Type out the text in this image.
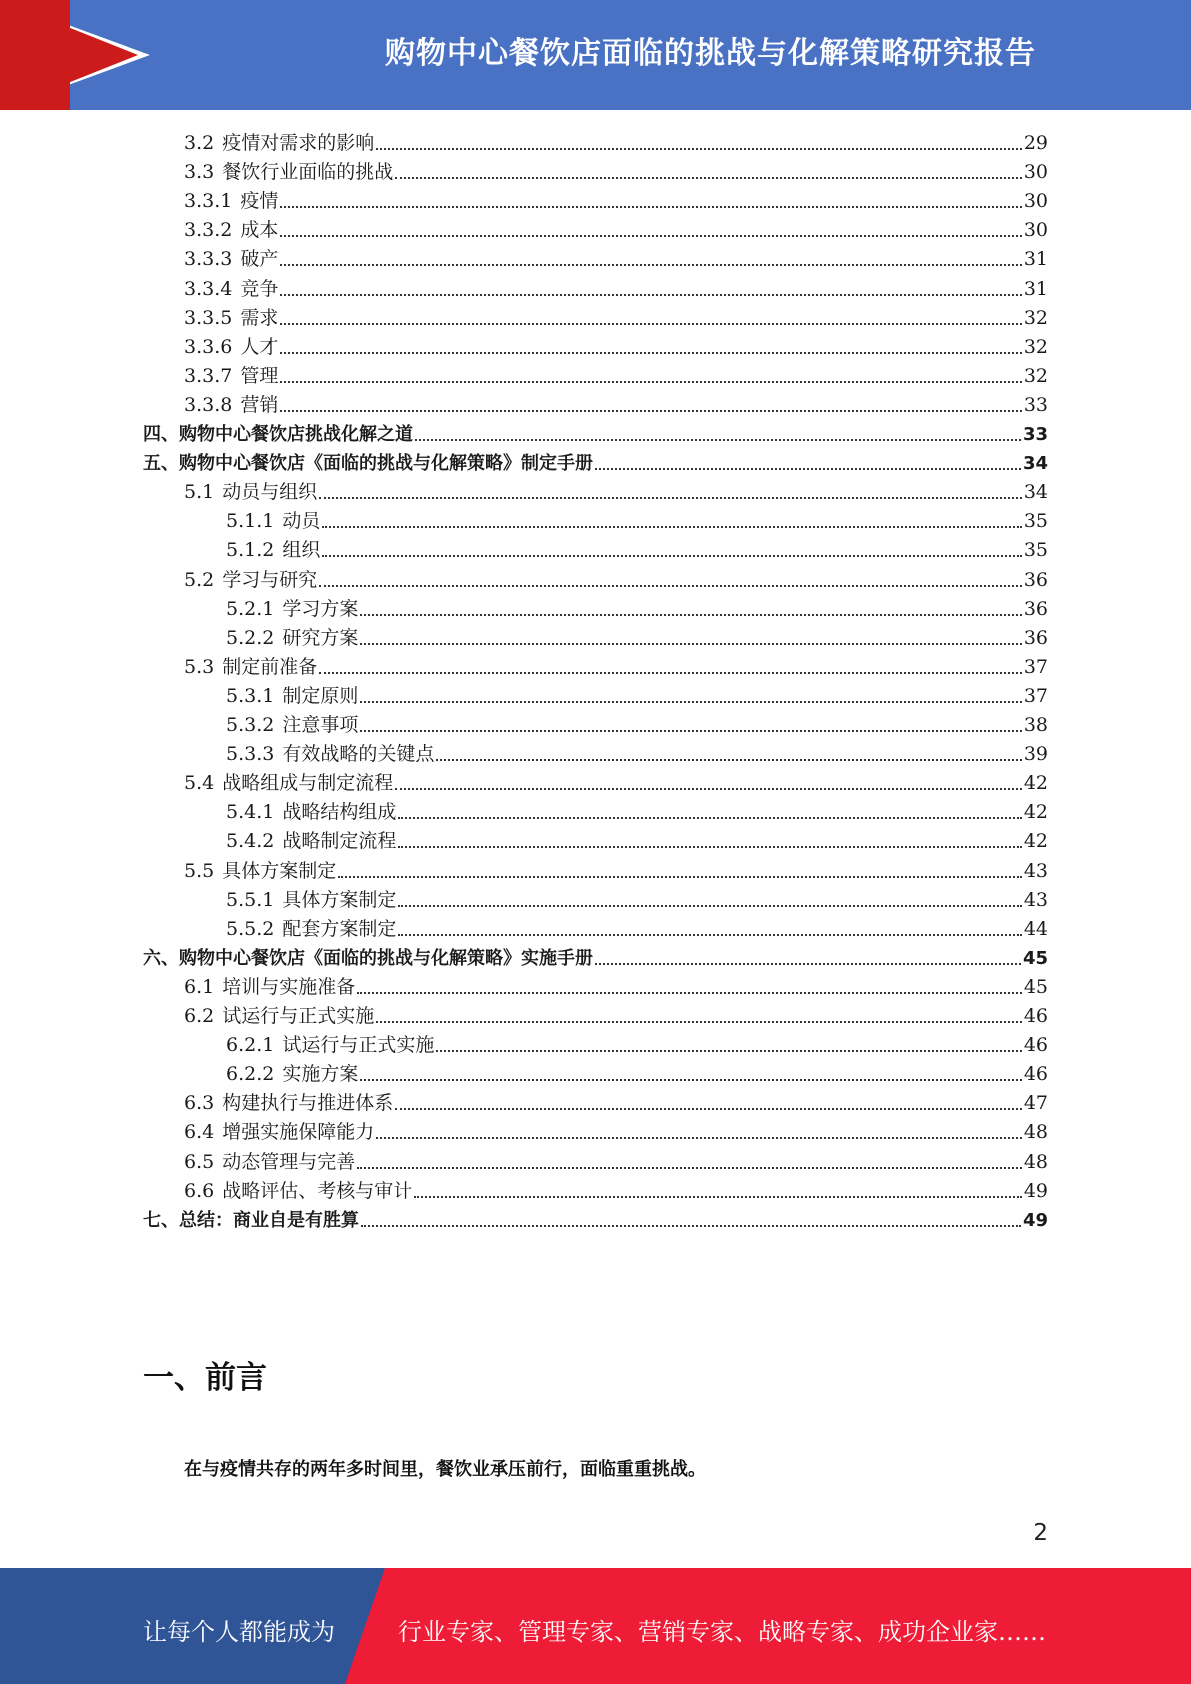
购物中心餐饮店面临的挑战与化解策略研究报告
3.2 疫情对需求的影响	29
3.3 餐饮行业面临的挑战	30
3.3.1 疫情	30
3.3.2 成本	30
3.3.3 破产	31
3.3.4 竞争	31
3.3.5 需求	32
3.3.6 人才	32
3.3.7 管理	32
3.3.8 营销	33
四、购物中心餐饮店挑战化解之道	33
五、购物中心餐饮店《面临的挑战与化解策略》制定手册	34
5.1 动员与组织	34
5.1.1 动员	35
5.1.2 组织	35
5.2 学习与研究	36
5.2.1 学习方案	36
5.2.2 研究方案	36
5.3 制定前准备	37
5.3.1 制定原则	37
5.3.2 注意事项	38
5.3.3 有效战略的关键点	39
5.4 战略组成与制定流程	42
5.4.1 战略结构组成	42
5.4.2 战略制定流程	42
5.5 具体方案制定	43
5.5.1 具体方案制定	43
5.5.2 配套方案制定	44
六、购物中心餐饮店《面临的挑战与化解策略》实施手册	45
6.1 培训与实施准备	45
6.2 试运行与正式实施	46
6.2.1 试运行与正式实施	46
6.2.2 实施方案	46
6.3 构建执行与推进体系	47
6.4 增强实施保障能力	48
6.5 动态管理与完善	48
6.6 战略评估、考核与审计	49
七、总结：商业自是有胜算	49
一、前言
在与疫情共存的两年多时间里，餐饮业承压前行，面临重重挑战。
2
让每个人都能成为	行业专家、管理专家、营销专家、战略专家、成功企业家……
